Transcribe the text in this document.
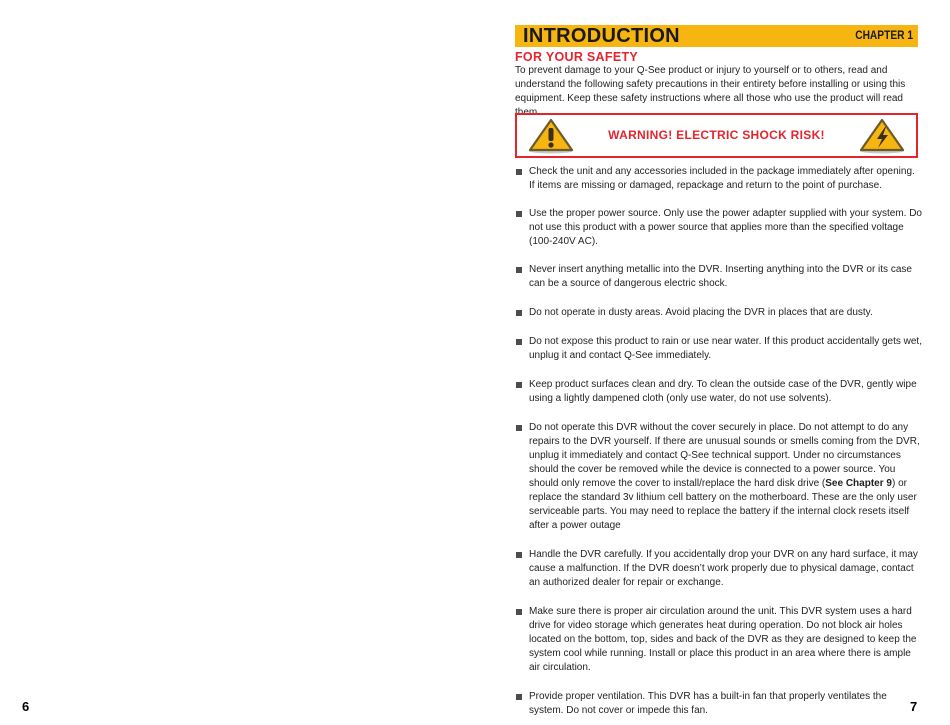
6	7
INTRODUCTION	CHAPTER 1
FOR YOUR SAFETY
To prevent damage to your Q-See product or injury to yourself or to others, read and understand the following safety precautions in their entirety before installing or using this equipment. Keep these safety instructions where all those who use the product will read them.
WARNING! ELECTRIC SHOCK RISK!
Check the unit and any accessories included in the package immediately after opening. If items are missing or damaged, repackage and return to the point of purchase.
Use the proper power source. Only use the power adapter supplied with your system. Do not use this product with a power source that applies more than the specified voltage (100-240V AC).
Never insert anything metallic into the DVR. Inserting anything into the DVR or its case can be a source of dangerous electric shock.
Do not operate in dusty areas. Avoid placing the DVR in places that are dusty.
Do not expose this product to rain or use near water. If this product accidentally gets wet, unplug it and contact Q-See immediately.
Keep product surfaces clean and dry. To clean the outside case of the DVR, gently wipe using a lightly dampened cloth (only use water, do not use solvents).
Do not operate this DVR without the cover securely in place. Do not attempt to do any repairs to the DVR yourself. If there are unusual sounds or smells coming from the DVR, unplug it immediately and contact Q-See technical support. Under no circumstances should the cover be removed while the device is connected to a power source. You should only remove the cover to install/replace the hard disk drive (See Chapter 9) or replace the standard 3v lithium cell battery on the motherboard. These are the only user serviceable parts. You may need to replace the battery if the internal clock resets itself after a power outage
Handle the DVR carefully. If you accidentally drop your DVR on any hard surface, it may cause a malfunction. If the DVR doesn’t work properly due to physical damage, contact an authorized dealer for repair or exchange.
Make sure there is proper air circulation around the unit. This DVR system uses a hard drive for video storage which generates heat during operation. Do not block air holes located on the bottom, top, sides and back of the DVR as they are designed to keep the system cool while running. Install or place this product in an area where there is ample air circulation.
Provide proper ventilation. This DVR has a built-in fan that properly ventilates the system. Do not cover or impede this fan.
